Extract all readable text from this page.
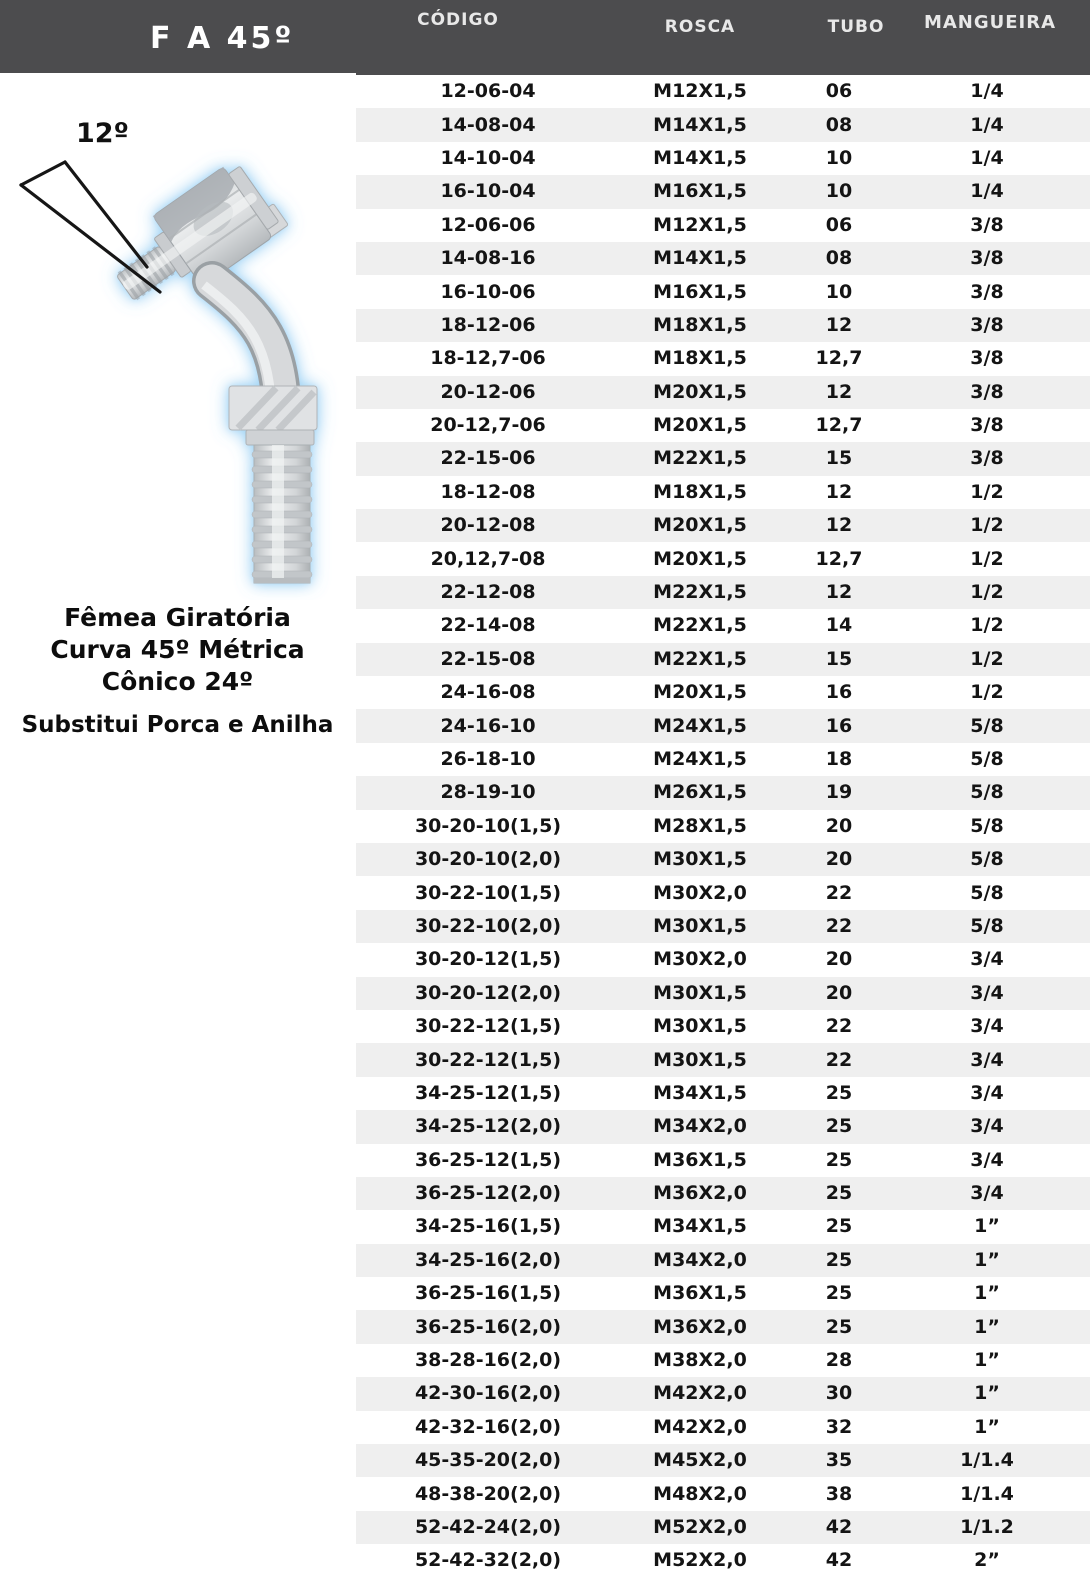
F A 45º
CÓDIGO	ROSCA	TUBO	MANGUEIRA
12º
Fêmea Giratória
Curva 45º Métrica
Cônico 24º
Substitui Porca e Anilha
12-06-04	M12X1,5	06	1/4
14-08-04	M14X1,5	08	1/4
14-10-04	M14X1,5	10	1/4
16-10-04	M16X1,5	10	1/4
12-06-06	M12X1,5	06	3/8
14-08-16	M14X1,5	08	3/8
16-10-06	M16X1,5	10	3/8
18-12-06	M18X1,5	12	3/8
18-12,7-06	M18X1,5	12,7	3/8
20-12-06	M20X1,5	12	3/8
20-12,7-06	M20X1,5	12,7	3/8
22-15-06	M22X1,5	15	3/8
18-12-08	M18X1,5	12	1/2
20-12-08	M20X1,5	12	1/2
20,12,7-08	M20X1,5	12,7	1/2
22-12-08	M22X1,5	12	1/2
22-14-08	M22X1,5	14	1/2
22-15-08	M22X1,5	15	1/2
24-16-08	M20X1,5	16	1/2
24-16-10	M24X1,5	16	5/8
26-18-10	M24X1,5	18	5/8
28-19-10	M26X1,5	19	5/8
30-20-10(1,5)	M28X1,5	20	5/8
30-20-10(2,0)	M30X1,5	20	5/8
30-22-10(1,5)	M30X2,0	22	5/8
30-22-10(2,0)	M30X1,5	22	5/8
30-20-12(1,5)	M30X2,0	20	3/4
30-20-12(2,0)	M30X1,5	20	3/4
30-22-12(1,5)	M30X1,5	22	3/4
30-22-12(1,5)	M30X1,5	22	3/4
34-25-12(1,5)	M34X1,5	25	3/4
34-25-12(2,0)	M34X2,0	25	3/4
36-25-12(1,5)	M36X1,5	25	3/4
36-25-12(2,0)	M36X2,0	25	3/4
34-25-16(1,5)	M34X1,5	25	1”
34-25-16(2,0)	M34X2,0	25	1”
36-25-16(1,5)	M36X1,5	25	1”
36-25-16(2,0)	M36X2,0	25	1”
38-28-16(2,0)	M38X2,0	28	1”
42-30-16(2,0)	M42X2,0	30	1”
42-32-16(2,0)	M42X2,0	32	1”
45-35-20(2,0)	M45X2,0	35	1/1.4
48-38-20(2,0)	M48X2,0	38	1/1.4
52-42-24(2,0)	M52X2,0	42	1/1.2
52-42-32(2,0)	M52X2,0	42	2”
